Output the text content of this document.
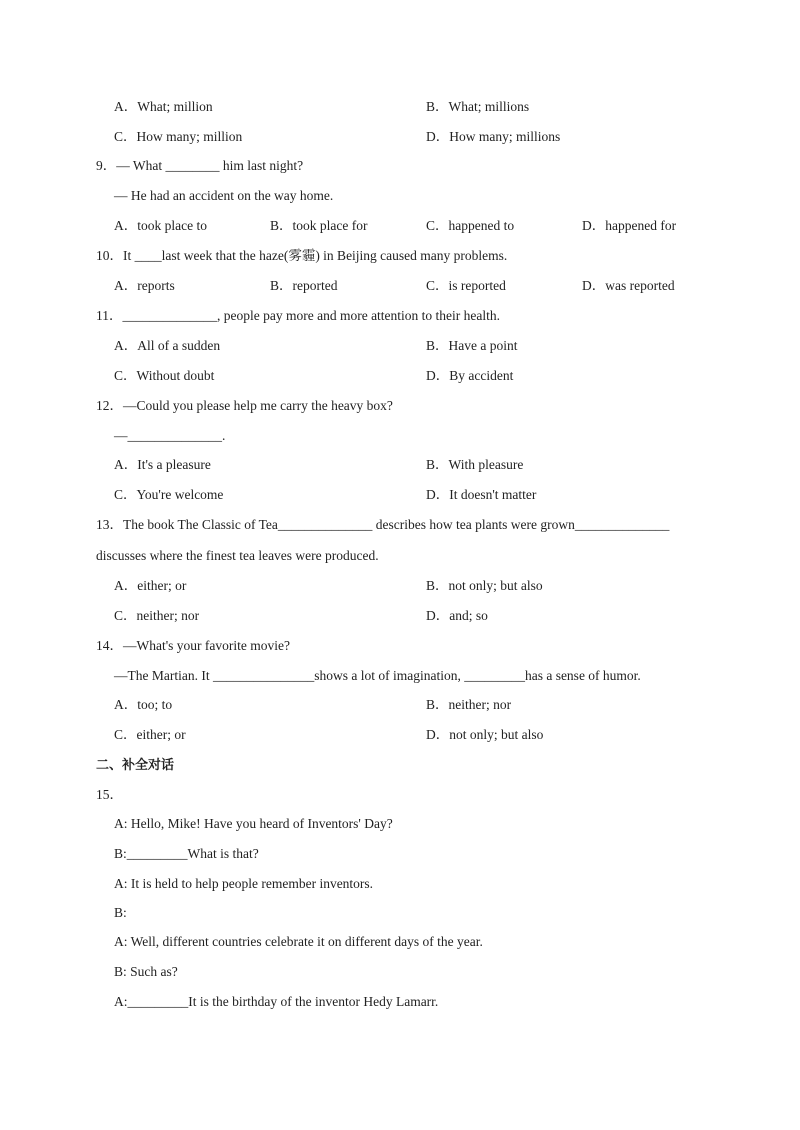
A．What; million	B．What; millions
C．How many; million	D．How many; millions
9．— What ________ him last night?
— He had an accident on the way home.
A．took place to	B．took place for	C．happened to	D．happened for
10．It ____last week that the haze(雾霾) in Beijing caused many problems.
A．reports	B．reported	C．is reported	D．was reported
11．______________, people pay more and more attention to their health.
A．All of a sudden	B．Have a point
C．Without doubt	D．By accident
12．—Could you please help me carry the heavy box?
—______________.
A．It's a pleasure	B．With pleasure
C．You're welcome	D．It doesn't matter
13．The book The Classic of Tea______________ describes how tea plants were grown______________
discusses where the finest tea leaves were produced.
A．either; or	B．not only; but also
C．neither; nor	D．and; so
14．—What's your favorite movie?
—The Martian. It _______________shows a lot of imagination, _________has a sense of humor.
A．too; to	B．neither; nor
C．either; or	D．not only; but also
二、补全对话
15．
A: Hello, Mike! Have you heard of Inventors' Day?
B:_________What is that?
A: It is held to help people remember inventors.
B:
A: Well, different countries celebrate it on different days of the year.
B: Such as?
A:_________It is the birthday of the inventor Hedy Lamarr.
